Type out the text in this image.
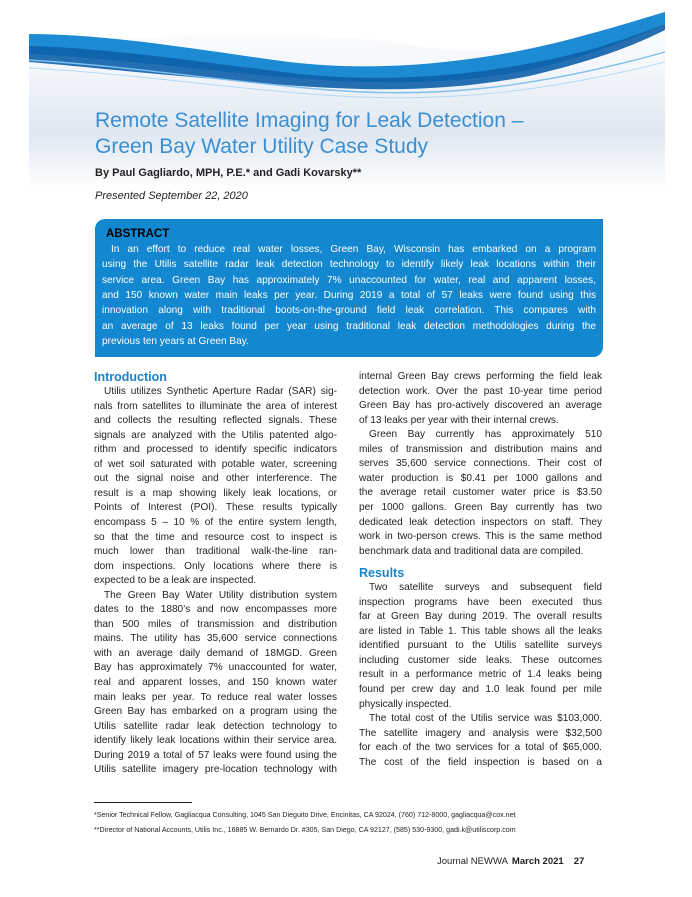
Remote Satellite Imaging for Leak Detection –
Green Bay Water Utility Case Study
By Paul Gagliardo, MPH, P.E.* and Gadi Kovarsky**
Presented September 22, 2020
ABSTRACT
In an effort to reduce real water losses, Green Bay, Wisconsin has embarked on a program
using the Utilis satellite radar leak detection technology to identify likely leak locations within their
service area. Green Bay has approximately 7% unaccounted for water, real and apparent losses,
and 150 known water main leaks per year. During 2019 a total of 57 leaks were found using this
innovation along with traditional boots-on-the-ground field leak correlation. This compares with
an average of 13 leaks found per year using traditional leak detection methodologies during the
previous ten years at Green Bay.
Introduction
Utilis utilizes Synthetic Aperture Radar (SAR) sig-
nals from satellites to illuminate the area of interest
and collects the resulting reflected signals. These
signals are analyzed with the Utilis patented algo-
rithm and processed to identify specific indicators
of wet soil saturated with potable water, screening
out the signal noise and other interference. The
result is a map showing likely leak locations, or
Points of Interest (POI). These results typically
encompass 5 – 10 % of the entire system length,
so that the time and resource cost to inspect is
much lower than traditional walk-the-line ran-
dom inspections. Only locations where there is
expected to be a leak are inspected.
The Green Bay Water Utility distribution system
dates to the 1880’s and now encompasses more
than 500 miles of transmission and distribution
mains. The utility has 35,600 service connections
with an average daily demand of 18MGD. Green
Bay has approximately 7% unaccounted for water,
real and apparent losses, and 150 known water
main leaks per year. To reduce real water losses
Green Bay has embarked on a program using the
Utilis satellite radar leak detection technology to
identify likely leak locations within their service area.
During 2019 a total of 57 leaks were found using the
Utilis satellite imagery pre-location technology with
internal Green Bay crews performing the field leak
detection work. Over the past 10-year time period
Green Bay has pro-actively discovered an average
of 13 leaks per year with their internal crews.
Green Bay currently has approximately 510
miles of transmission and distribution mains and
serves 35,600 service connections. Their cost of
water production is $0.41 per 1000 gallons and
the average retail customer water price is $3.50
per 1000 gallons. Green Bay currently has two
dedicated leak detection inspectors on staff. They
work in two-person crews. This is the same method
benchmark data and traditional data are compiled.
Results
Two satellite surveys and subsequent field
inspection programs have been executed thus
far at Green Bay during 2019. The overall results
are listed in Table 1. This table shows all the leaks
identified pursuant to the Utilis satellite surveys
including customer side leaks. These outcomes
result in a performance metric of 1.4 leaks being
found per crew day and 1.0 leak found per mile
physically inspected.
The total cost of the Utilis service was $103,000.
The satellite imagery and analysis were $32,500
for each of the two services for a total of $65,000.
The cost of the field inspection is based on a
*Senior Technical Fellow, Gagliacqua Consulting, 1045 San Dieguito Drive, Encinitas, CA 92024, (760) 712-8000, gagliacqua@cox.net
**Director of National Accounts, Utilis Inc., 16885 W. Bernardo Dr. #305, San Diego, CA 92127, (585) 530-9300, gadi.k@utiliscorp.com
Journal NEWWA March 2021 27
